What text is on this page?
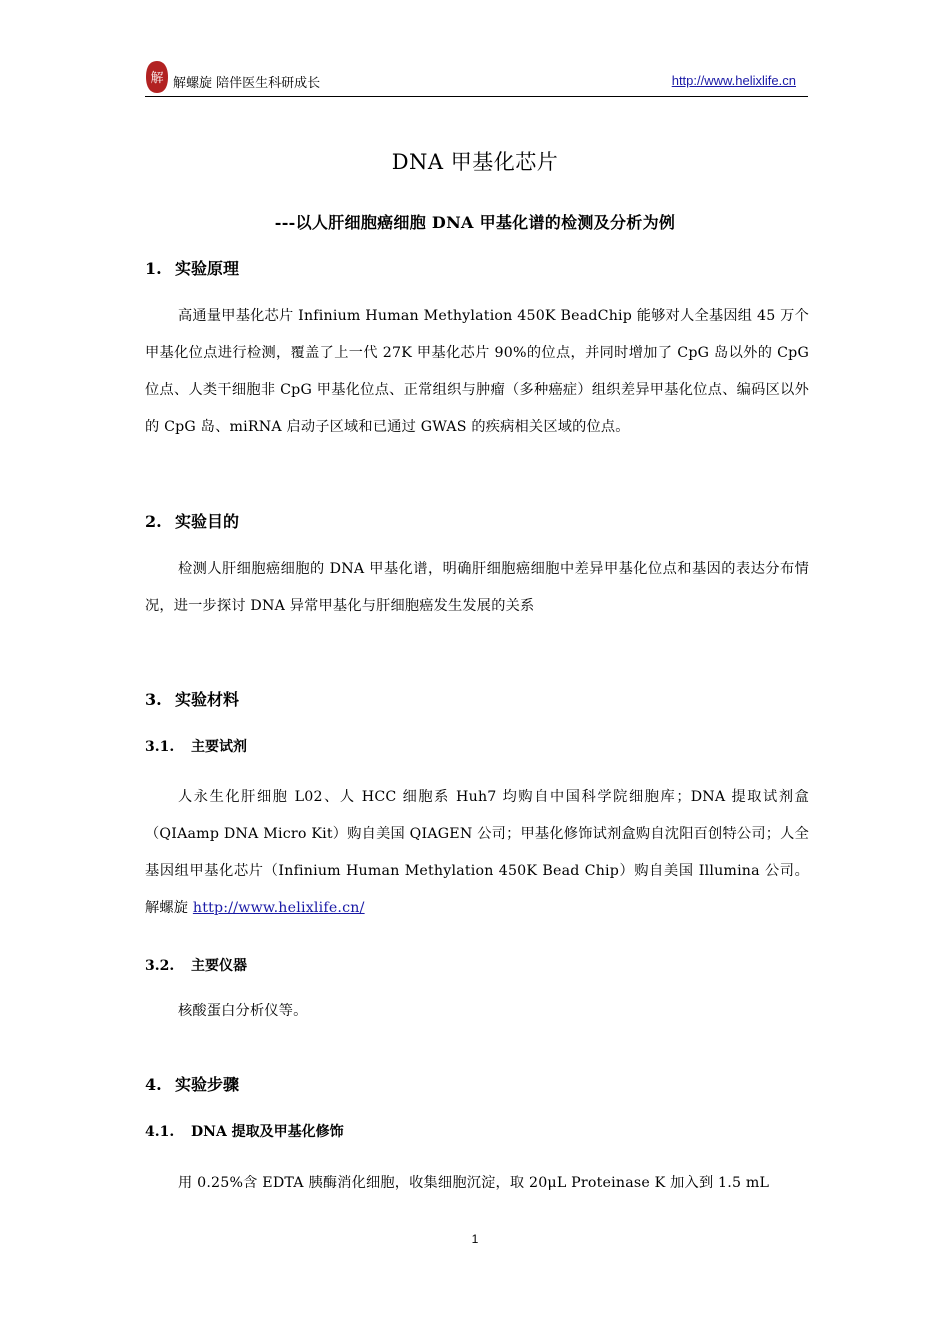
解 解螺旋 陪伴医生科研成长	http://www.helixlife.cn
DNA 甲基化芯片
---以人肝细胞癌细胞 DNA 甲基化谱的检测及分析为例
1. 实验原理
高通量甲基化芯片 Infinium Human Methylation 450K BeadChip 能够对人全基因组 45 万个甲基化位点进行检测，覆盖了上一代 27K 甲基化芯片 90%的位点，并同时增加了 CpG 岛以外的 CpG 位点、人类干细胞非 CpG 甲基化位点、正常组织与肿瘤（多种癌症）组织差异甲基化位点、编码区以外的 CpG 岛、miRNA 启动子区域和已通过 GWAS 的疾病相关区域的位点。
2. 实验目的
检测人肝细胞癌细胞的 DNA 甲基化谱，明确肝细胞癌细胞中差异甲基化位点和基因的表达分布情况，进一步探讨 DNA 异常甲基化与肝细胞癌发生发展的关系
3. 实验材料
3.1. 主要试剂
人永生化肝细胞 L02、人 HCC 细胞系 Huh7 均购自中国科学院细胞库；DNA 提取试剂盒（QIAamp DNA Micro Kit）购自美国 QIAGEN 公司；甲基化修饰试剂盒购自沈阳百创特公司；人全基因组甲基化芯片（Infinium Human Methylation 450K Bead Chip）购自美国 Illumina 公司。解螺旋 http://www.helixlife.cn/
3.2. 主要仪器
核酸蛋白分析仪等。
4. 实验步骤
4.1. DNA 提取及甲基化修饰
用 0.25%含 EDTA 胰酶消化细胞，收集细胞沉淀，取 20μL Proteinase K 加入到 1.5 mL
1
